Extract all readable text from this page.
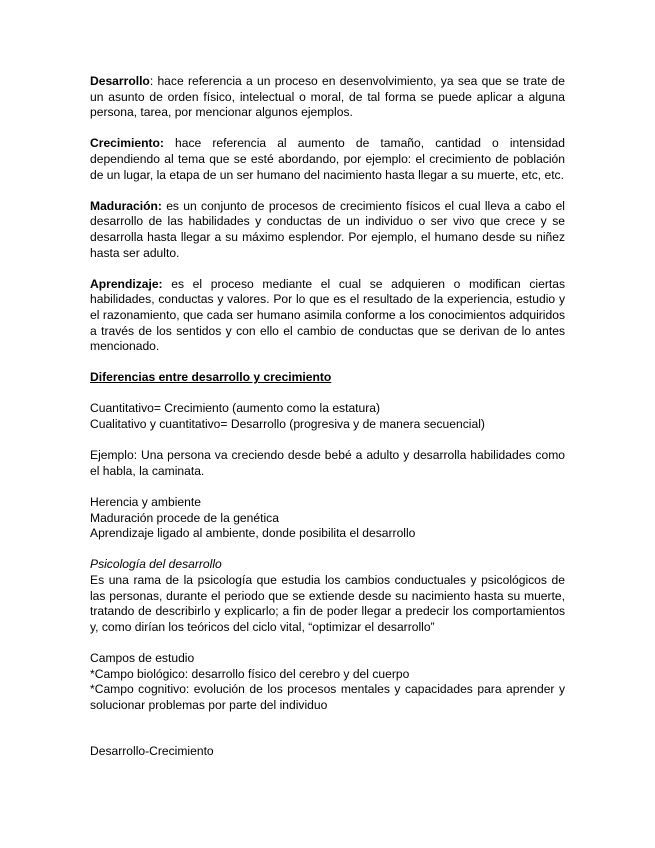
Desarrollo: hace referencia a un proceso en desenvolvimiento, ya sea que se trate de un asunto de orden físico, intelectual o moral, de tal forma se puede aplicar a alguna persona, tarea, por mencionar algunos ejemplos.

Crecimiento: hace referencia al aumento de tamaño, cantidad o intensidad dependiendo al tema que se esté abordando, por ejemplo: el crecimiento de población de un lugar, la etapa de un ser humano del nacimiento hasta llegar a su muerte, etc, etc.

Maduración: es un conjunto de procesos de crecimiento físicos el cual lleva a cabo el desarrollo de las habilidades y conductas de un individuo o ser vivo que crece y se desarrolla hasta llegar a su máximo esplendor. Por ejemplo, el humano desde su niñez hasta ser adulto.

Aprendizaje: es el proceso mediante el cual se adquieren o modifican ciertas habilidades, conductas y valores. Por lo que es el resultado de la experiencia, estudio y el razonamiento, que cada ser humano asimila conforme a los conocimientos adquiridos a través de los sentidos y con ello el cambio de conductas que se derivan de lo antes mencionado.

Diferencias entre desarrollo y crecimiento

Cuantitativo= Crecimiento (aumento como la estatura)
Cualitativo y cuantitativo= Desarrollo (progresiva y de manera secuencial)

Ejemplo: Una persona va creciendo desde bebé a adulto y desarrolla habilidades como el habla, la caminata.

Herencia y ambiente
Maduración procede de la genética
Aprendizaje ligado al ambiente, donde posibilita el desarrollo

Psicología del desarrollo
Es una rama de la psicología que estudia los cambios conductuales y psicológicos de las personas, durante el periodo que se extiende desde su nacimiento hasta su muerte, tratando de describirlo y explicarlo; a fin de poder llegar a predecir los comportamientos y, como dirían los teóricos del ciclo vital, “optimizar el desarrollo”

Campos de estudio
*Campo biológico: desarrollo físico del cerebro y del cuerpo
*Campo cognitivo: evolución de los procesos mentales y capacidades para aprender y solucionar problemas por parte del individuo

Desarrollo-Crecimiento
